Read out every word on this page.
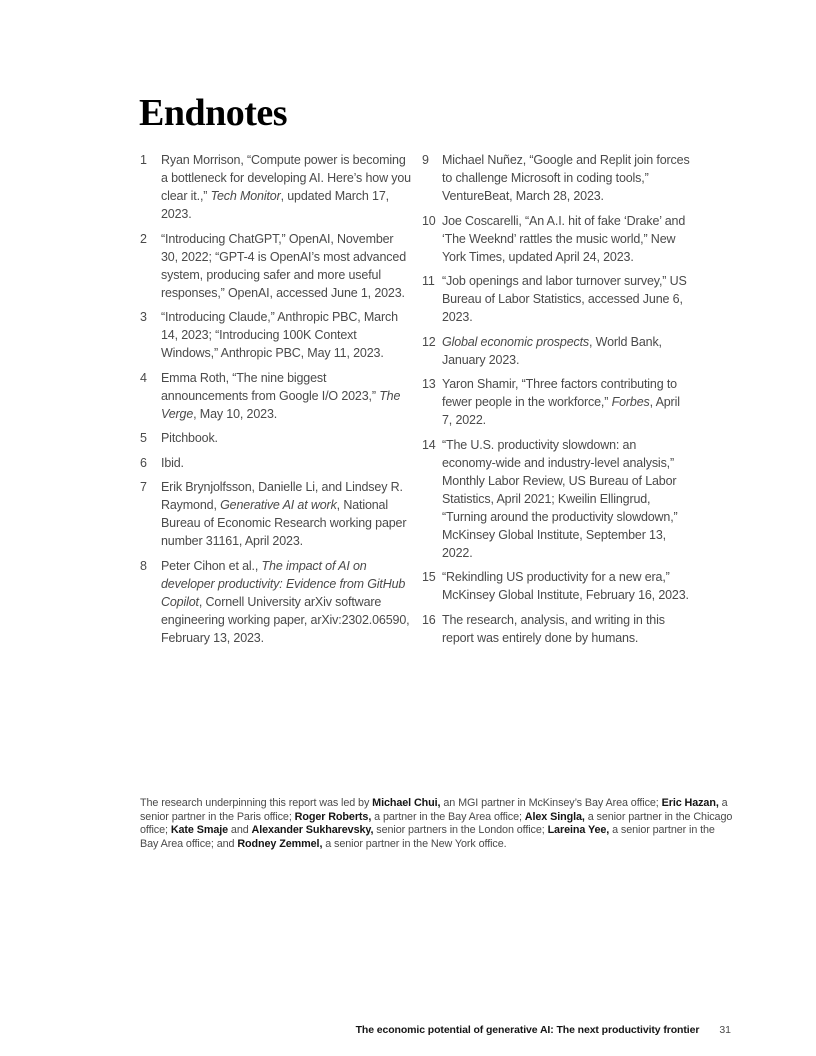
Endnotes
1	Ryan Morrison, “Compute power is becoming a bottleneck for developing AI. Here’s how you clear it.,” Tech Monitor, updated March 17, 2023.
2	“Introducing ChatGPT,” OpenAI, November 30, 2022; “GPT-4 is OpenAI’s most advanced system, producing safer and more useful responses,” OpenAI, accessed June 1, 2023.
3	“Introducing Claude,” Anthropic PBC, March 14, 2023; “Introducing 100K Context Windows,” Anthropic PBC, May 11, 2023.
4	Emma Roth, “The nine biggest announcements from Google I/O 2023,” The Verge, May 10, 2023.
5	Pitchbook.
6	Ibid.
7	Erik Brynjolfsson, Danielle Li, and Lindsey R. Raymond, Generative AI at work, National Bureau of Economic Research working paper number 31161, April 2023.
8	Peter Cihon et al., The impact of AI on developer productivity: Evidence from GitHub Copilot, Cornell University arXiv software engineering working paper, arXiv:2302.06590, February 13, 2023.
9	Michael Nuñez, “Google and Replit join forces to challenge Microsoft in coding tools,” VentureBeat, March 28, 2023.
10 Joe Coscarelli, “An A.I. hit of fake ‘Drake’ and ‘The Weeknd’ rattles the music world,” New York Times, updated April 24, 2023.
11 “Job openings and labor turnover survey,” US Bureau of Labor Statistics, accessed June 6, 2023.
12 Global economic prospects, World Bank, January 2023.
13 Yaron Shamir, “Three factors contributing to fewer people in the workforce,” Forbes, April 7, 2022.
14 “The U.S. productivity slowdown: an economy-wide and industry-level analysis,” Monthly Labor Review, US Bureau of Labor Statistics, April 2021; Kweilin Ellingrud, “Turning around the productivity slowdown,” McKinsey Global Institute, September 13, 2022.
15 “Rekindling US productivity for a new era,” McKinsey Global Institute, February 16, 2023.
16 The research, analysis, and writing in this report was entirely done by humans.
The research underpinning this report was led by Michael Chui, an MGI partner in McKinsey’s Bay Area office; Eric Hazan, a
senior partner in the Paris office; Roger Roberts, a partner in the Bay Area office; Alex Singla, a senior partner in the Chicago
office; Kate Smaje and Alexander Sukharevsky, senior partners in the London office; Lareina Yee, a senior partner in the
Bay Area office; and Rodney Zemmel, a senior partner in the New York office.
The economic potential of generative AI: The next productivity frontier 31
